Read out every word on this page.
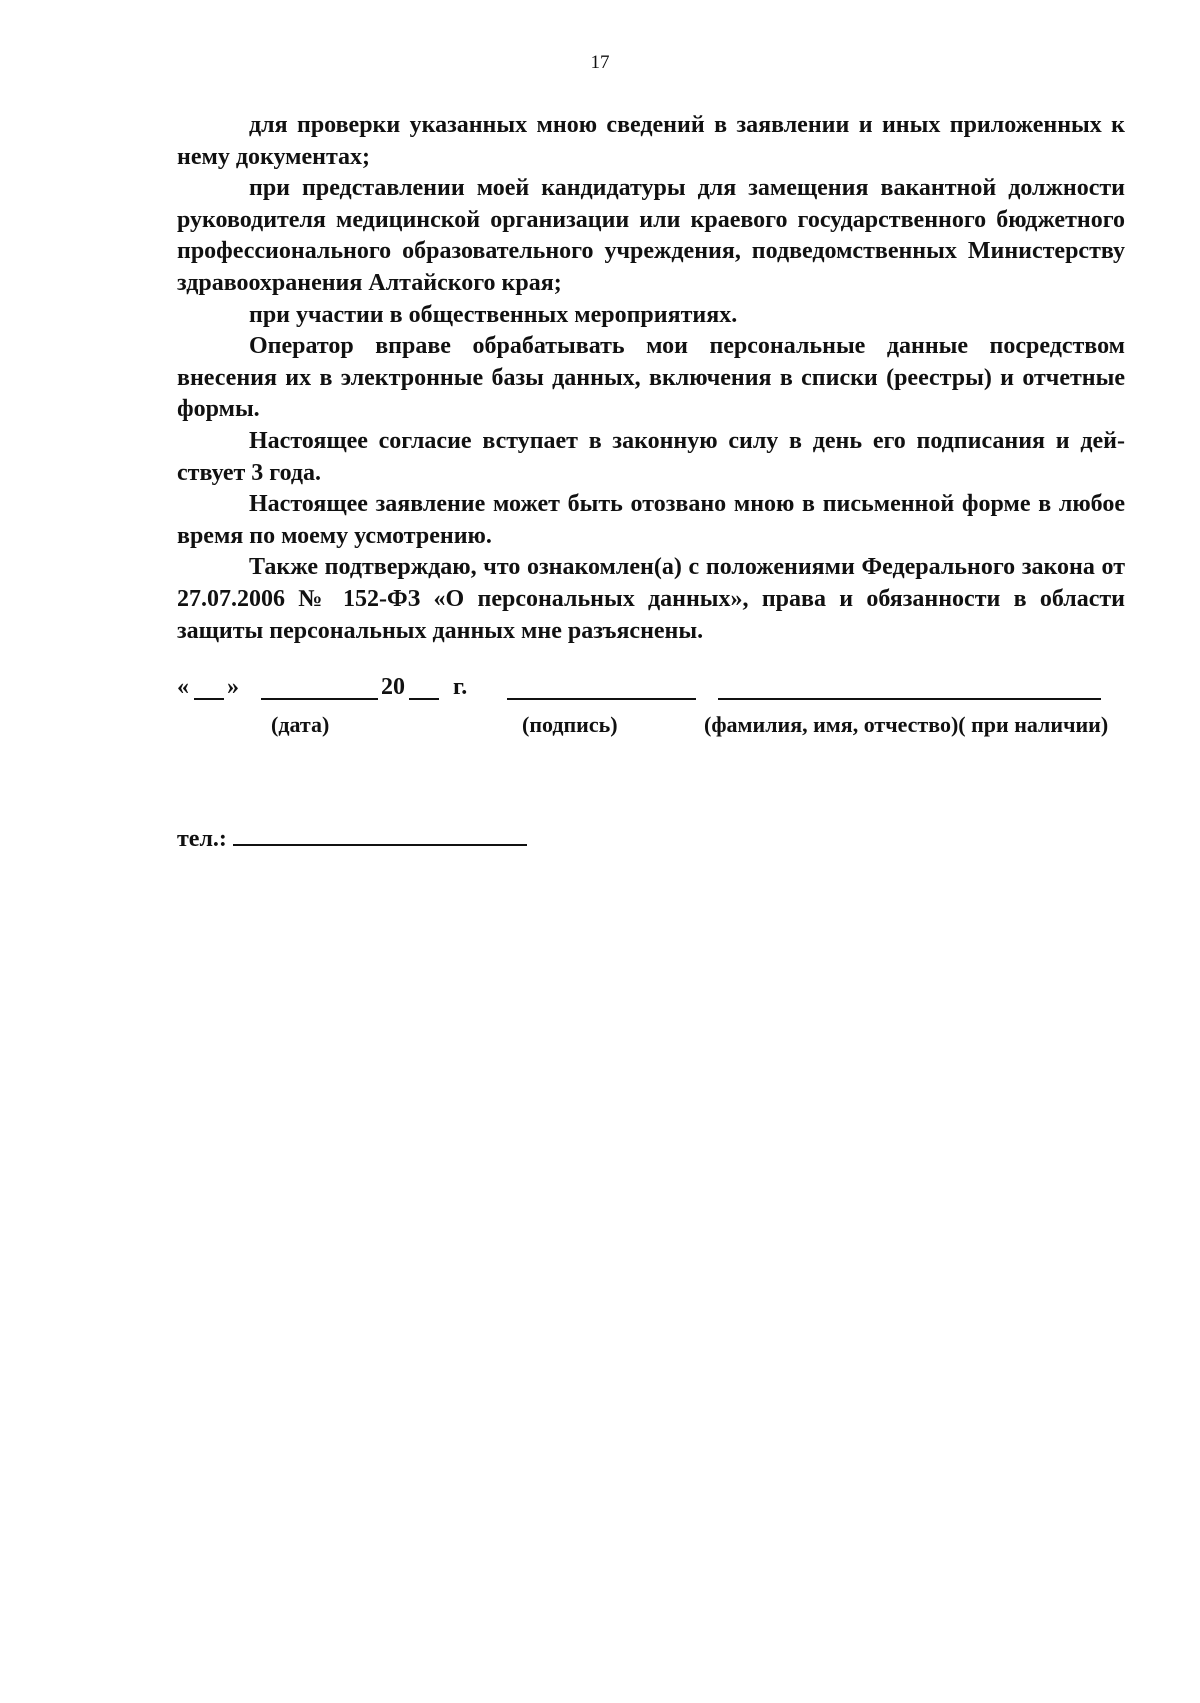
17

для проверки указанных мною сведений в заявлении и иных приложенных к нему документах;

при представлении моей кандидатуры для замещения вакантной должности руководителя медицинской организации или краевого государственного бюджетного профессионального образовательного учреждения, подведомственных Министерству здравоохранения Алтайского края;

при участии в общественных мероприятиях.

Оператор вправе обрабатывать мои персональные данные посредством внесения их в электронные базы данных, включения в списки (реестры) и отчетные формы.

Настоящее согласие вступает в законную силу в день его подписания и действует 3 года.

Настоящее заявление может быть отозвано мною в письменной форме в любое время по моему усмотрению.

Также подтверждаю, что ознакомлен(а) с положениями Федерального закона от 27.07.2006 № 152-ФЗ «О персональных данных», права и обязанности в области защиты персональных данных мне разъяснены.

« »	20 г.
(дата)	(подпись)	(фамилия, имя, отчество)( при наличии)
тел.:
